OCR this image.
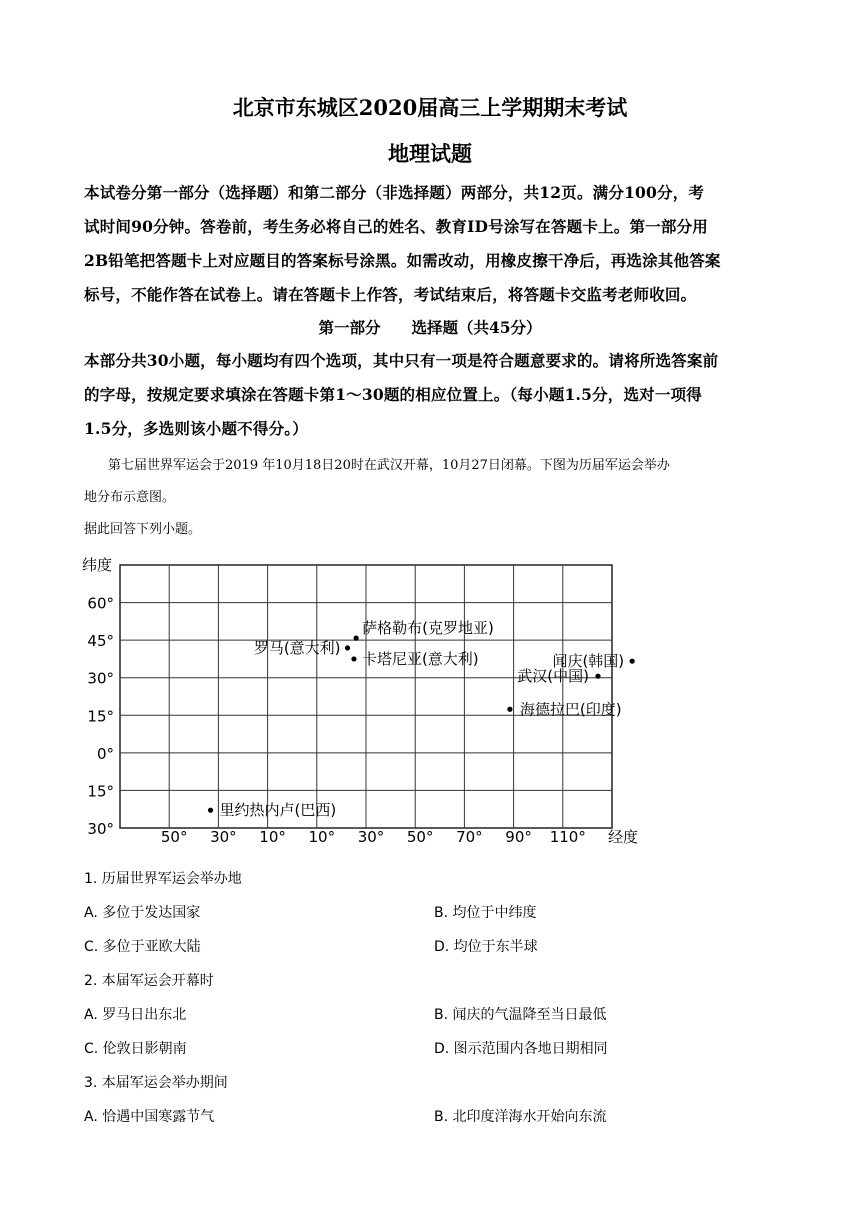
北京市东城区2020届高三上学期期末考试
地理试题
本试卷分第一部分（选择题）和第二部分（非选择题）两部分，共12页。满分100分，考
试时间90分钟。答卷前，考生务必将自己的姓名、教育ID号涂写在答题卡上。第一部分用
2B铅笔把答题卡上对应题目的答案标号涂黑。如需改动，用橡皮擦干净后，再选涂其他答案
标号，不能作答在试卷上。请在答题卡上作答，考试结束后，将答题卡交监考老师收回。
第一部分　　选择题（共45分）
本部分共30小题，每小题均有四个选项，其中只有一项是符合题意要求的。请将所选答案前
的字母，按规定要求填涂在答题卡第1～30题的相应位置上。（每小题1.5分，选对一项得
1.5分，多选则该小题不得分。）
第七届世界军运会于2019 年10月18日20时在武汉开幕，10月27日闭幕。下图为历届军运会举办
地分布示意图。
据此回答下列小题。
60°
45°
30°
15°
0°
15°
30°	50° 30° 10° 10° 30° 50° 70° 90° 110°
萨格勒布(克罗地亚)
罗马(意大利)
卡塔尼亚(意大利)	闻庆(韩国)
武汉(中国)
海德拉巴(印度)
里约热内卢(巴西)
纬度
经度
1. 历届世界军运会举办地
A. 多位于发达国家	B. 均位于中纬度
C. 多位于亚欧大陆	D. 均位于东半球
2. 本届军运会开幕时
A. 罗马日出东北	B. 闻庆的气温降至当日最低
C. 伦敦日影朝南	D. 图示范围内各地日期相同
3. 本届军运会举办期间
A. 恰遇中国寒露节气	B. 北印度洋海水开始向东流
